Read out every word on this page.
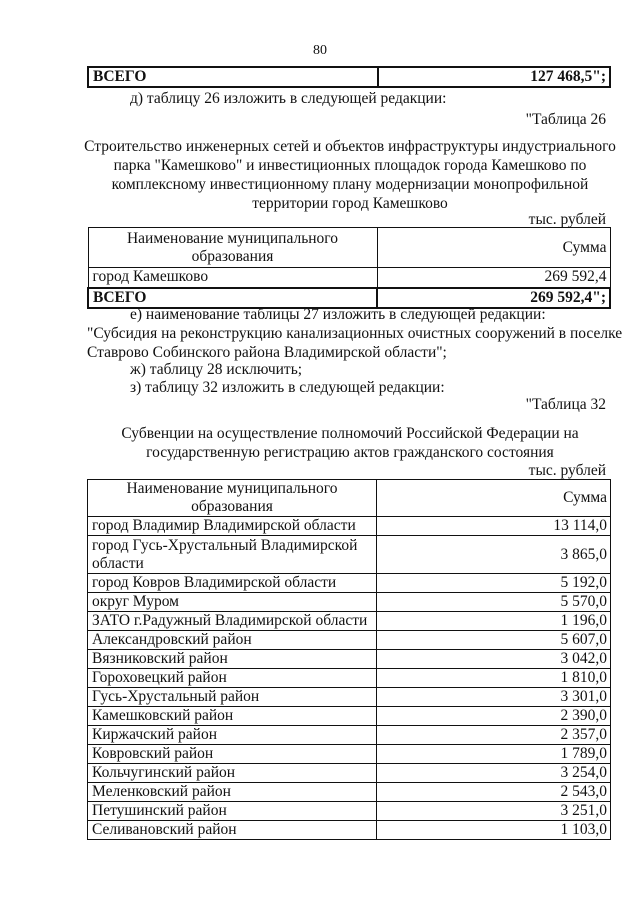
80
ВСЕГО	127 468,5";
д) таблицу 26 изложить в следующей редакции:
"Таблица 26
Строительство инженерных сетей и объектов инфраструктуры индустриального парка "Камешково" и инвестиционных площадок города Камешково по комплексному инвестиционному плану модернизации монопрофильной территории город Камешково
тыс. рублей
Наименование муниципального образования	Сумма
город Камешково	269 592,4
ВСЕГО	269 592,4";
е) наименование таблицы 27 изложить в следующей редакции:
"Субсидия на реконструкцию канализационных очистных сооружений в поселке
Ставрово Собинского района Владимирской области";
ж) таблицу 28 исключить;
з) таблицу 32 изложить в следующей редакции:
"Таблица 32
Субвенции на осуществление полномочий Российской Федерации на государственную регистрацию актов гражданского состояния
тыс. рублей
Наименование муниципального образования	Сумма
город Владимир Владимирской области	13 114,0
город Гусь-Хрустальный Владимирской области	3 865,0
город Ковров Владимирской области	5 192,0
округ Муром	5 570,0
ЗАТО г.Радужный Владимирской области	1 196,0
Александровский район	5 607,0
Вязниковский район	3 042,0
Гороховецкий район	1 810,0
Гусь-Хрустальный район	3 301,0
Камешковский район	2 390,0
Киржачский район	2 357,0
Ковровский район	1 789,0
Кольчугинский район	3 254,0
Меленковский район	2 543,0
Петушинский район	3 251,0
Селивановский район	1 103,0
